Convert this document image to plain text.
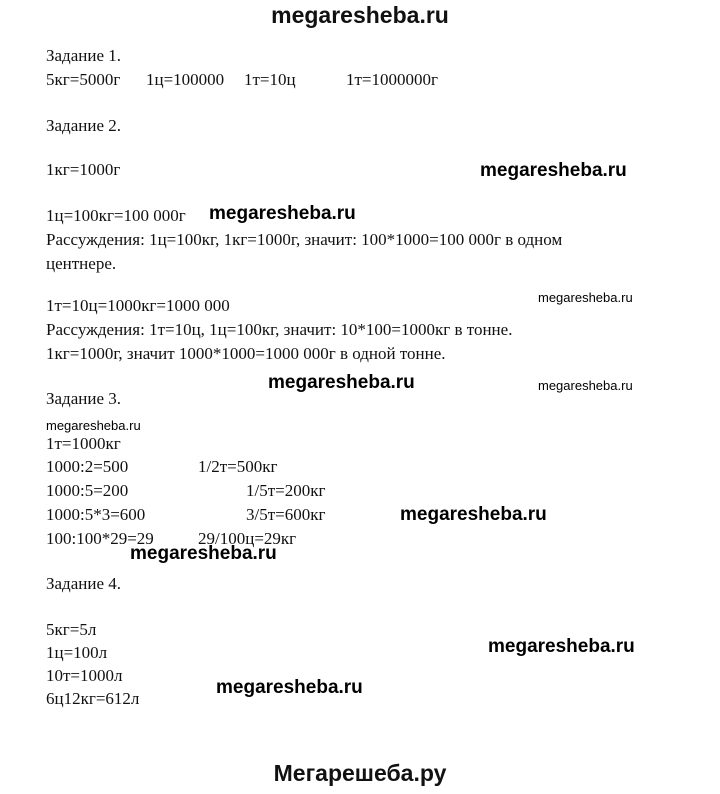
megaresheba.ru
Задание 1.
5кг=5000г 1ц=100000 1т=10ц	1т=1000000г
Задание 2.
1кг=1000г	megaresheba.ru
1ц=100кг=100 000г megaresheba.ru
Рассуждения: 1ц=100кг, 1кг=1000г, значит: 100*1000=100 000г в одном
центнере.
megaresheba.ru
1т=10ц=1000кг=1000 000
Рассуждения: 1т=10ц, 1ц=100кг, значит: 10*100=1000кг в тонне.
1кг=1000г, значит 1000*1000=1000 000г в одной тонне.
megaresheba.ru	megaresheba.ru
Задание 3.
megaresheba.ru
1т=1000кг
1000:2=500	1/2т=500кг
1000:5=200	1/5т=200кг
1000:5*3=600	3/5т=600кг	megaresheba.ru
100:100*29=29	29/100ц=29кг
megaresheba.ru
Задание 4.
5кг=5л
1ц=100л	megaresheba.ru
10т=1000л
6ц12кг=612л
megaresheba.ru
Мегарешеба.ру
